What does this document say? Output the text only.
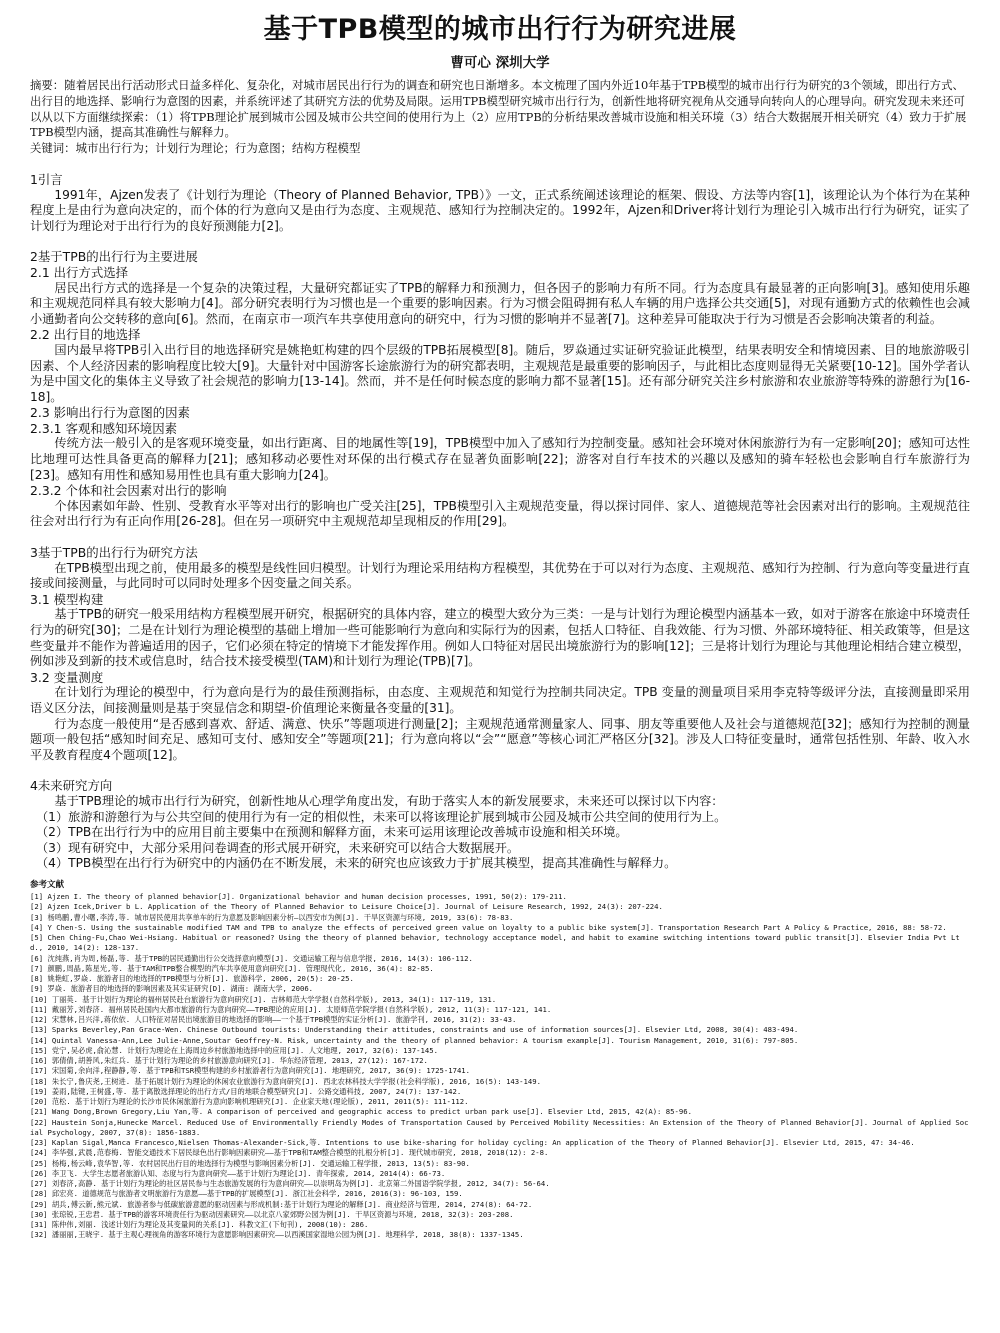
基于TPB模型的城市出行行为研究进展
曹可心 深圳大学

摘要：随着居民出行活动形式日益多样化、复杂化，对城市居民出行行为的调查和研究也日渐增多。本文梳理了国内外近10年基于TPB模型的城市出行行为研究的3个领域，即出行方式、出行目的地选择、影响行为意图的因素，并系统评述了其研究方法的优势及局限。运用TPB模型研究城市出行行为，创新性地将研究视角从交通导向转向人的心理导向。研究发现未来还可以从以下方面继续探索：（1）将TPB理论扩展到城市公园及城市公共空间的使用行为上（2）应用TPB的分析结果改善城市设施和相关环境（3）结合大数据展开相关研究（4）致力于扩展TPB模型内涵，提高其准确性与解释力。

关键词：城市出行行为；计划行为理论；行为意图；结构方程模型

1引言

1991年，Ajzen发表了《计划行为理论（Theory of Planned Behavior, TPB）》一文，正式系统阐述该理论的框架、假设、方法等内容[1]，该理论认为个体行为在某种程度上是由行为意向决定的，而个体的行为意向又是由行为态度、主观规范、感知行为控制决定的。1992年，Ajzen和Driver将计划行为理论引入城市出行行为研究，证实了计划行为理论对于出行行为的良好预测能力[2]。

2基于TPB的出行行为主要进展
2.1 出行方式选择

居民出行方式的选择是一个复杂的决策过程，大量研究都证实了TPB的解释力和预测力，但各因子的影响力有所不同。行为态度具有最显著的正向影响[3]。感知使用乐趣和主观规范同样具有较大影响力[4]。部分研究表明行为习惯也是一个重要的影响因素。行为习惯会阻碍拥有私人车辆的用户选择公共交通[5]，对现有通勤方式的依赖性也会减小通勤者向公交转移的意向[6]。然而，在南京市一项汽车共享使用意向的研究中，行为习惯的影响并不显著[7]。这种差异可能取决于行为习惯是否会影响决策者的利益。

2.2 出行目的地选择

国内最早将TPB引入出行目的地选择研究是姚艳虹构建的四个层级的TPB拓展模型[8]。随后，罗焱通过实证研究验证此模型，结果表明安全和情境因素、目的地旅游吸引因素、个人经济因素的影响程度比较大[9]。大量针对中国游客长途旅游行为的研究都表明，主观规范是最重要的影响因子，与此相比态度则显得无关紧要[10-12]。国外学者认为是中国文化的集体主义导致了社会规范的影响力[13-14]。然而，并不是任何时候态度的影响力都不显著[15]。还有部分研究关注乡村旅游和农业旅游等特殊的游憩行为[16-18]。

2.3 影响出行行为意图的因素
2.3.1 客观和感知环境因素

传统方法一般引入的是客观环境变量，如出行距离、目的地属性等[19]，TPB模型中加入了感知行为控制变量。感知社会环境对休闲旅游行为有一定影响[20]；感知可达性比地理可达性具备更高的解释力[21]；感知移动必要性对环保的出行模式存在显著负面影响[22]；游客对自行车技术的兴趣以及感知的骑车轻松也会影响自行车旅游行为[23]。感知有用性和感知易用性也具有重大影响力[24]。

2.3.2 个体和社会因素对出行的影响

个体因素如年龄、性别、受教育水平等对出行的影响也广受关注[25]，TPB模型引入主观规范变量，得以探讨同伴、家人、道德规范等社会因素对出行的影响。主观规范往往会对出行行为有正向作用[26-28]。但在另一项研究中主观规范却呈现相反的作用[29]。

3基于TPB的出行行为研究方法

在TPB模型出现之前，使用最多的模型是线性回归模型。计划行为理论采用结构方程模型，其优势在于可以对行为态度、主观规范、感知行为控制、行为意向等变量进行直接或间接测量，与此同时可以同时处理多个因变量之间关系。

3.1 模型构建

基于TPB的研究一般采用结构方程模型展开研究，根据研究的具体内容，建立的模型大致分为三类：一是与计划行为理论模型内涵基本一致，如对于游客在旅途中环境责任行为的研究[30]；二是在计划行为理论模型的基础上增加一些可能影响行为意向和实际行为的因素，包括人口特征、自我效能、行为习惯、外部环境特征、相关政策等，但是这些变量并不能作为普遍适用的因子，它们必须在特定的情境下才能发挥作用。例如人口特征对居民出境旅游行为的影响[12]；三是将计划行为理论与其他理论相结合建立模型，例如涉及到新的技术或信息时，结合技术接受模型(TAM)和计划行为理论(TPB)[7]。

3.2 变量测度

在计划行为理论的模型中，行为意向是行为的最佳预测指标，由态度、主观规范和知觉行为控制共同决定。TPB 变量的测量项目采用李克特等级评分法，直接测量即采用语义区分法，间接测量则是基于突显信念和期望-价值理论来衡量各变量的[31]。

行为态度一般使用“是否感到喜欢、舒适、满意、快乐”等题项进行测量[2]；主观规范通常测量家人、同事、朋友等重要他人及社会与道德规范[32]；感知行为控制的测量题项一般包括“感知时间充足、感知可支付、感知安全”等题项[21]；行为意向将以“会”“愿意”等核心词汇严格区分[32]。涉及人口特征变量时，通常包括性别、年龄、收入水平及教育程度4个题项[12]。

4未来研究方向

基于TPB理论的城市出行行为研究，创新性地从心理学角度出发，有助于落实人本的新发展要求，未来还可以探讨以下内容：

（1）旅游和游憩行为与公共空间的使用行为有一定的相似性，未来可以将该理论扩展到城市公园及城市公共空间的使用行为上。

（2）TPB在出行行为中的应用目前主要集中在预测和解释方面，未来可运用该理论改善城市设施和相关环境。

（3）现有研究中，大部分采用问卷调查的形式展开研究，未来研究可以结合大数据展开。

（4）TPB模型在出行行为研究中的内涵仍在不断发展，未来的研究也应该致力于扩展其模型，提高其准确性与解释力。

参考文献

[1] Ajzen I. The theory of planned behavior[J]. Organizational behavior and human decision processes, 1991, 50(2): 179-211.

[2] Ajzen Icek,Driver b L. Application of the Theory of Planned Behavior to Leisure Choice[J]. Journal of Leisure Research, 1992, 24(3): 207-224.

[3] 杨鸣鹏,曹小曙,李涛,等. 城市居民使用共享单车的行为意愿及影响因素分析—以西安市为例[J]. 干旱区资源与环境, 2019, 33(6): 78-83.

[4] Y Chen-S. Using the sustainable modified TAM and TPB to analyze the effects of perceived green value on loyalty to a public bike system[J]. Transportation Research Part A Policy & Practice, 2016, 88: 58-72.

[5] Chen Ching-Fu,Chao Wei-Hsiang. Habitual or reasoned? Using the theory of planned behavior, technology acceptance model, and habit to examine switching intentions toward public transit[J]. Elsevier India Pvt Ltd., 2010, 14(2): 128-137.

[6] 沈纯燕,肖为周,杨磊,等. 基于TPB的居民通勤出行公交选择意向模型[J]. 交通运输工程与信息学报, 2016, 14(3): 106-112.

[7] 颜鹏,周晶,陈星光,等. 基于TAM和TPB整合模型的汽车共享使用意向研究[J]. 管理现代化, 2016, 36(4): 82-85.

[8] 姚艳虹,罗焱. 旅游者目的地选择的TPB模型与分析[J]. 旅游科学, 2006, 20(5): 20-25.

[9] 罗焱. 旅游者目的地选择的影响因素及其实证研究[D]. 湖南: 湖南大学, 2006.

[10] 丁丽英. 基于计划行为理论的福州居民赴台旅游行为意向研究[J]. 吉林师范大学学报(自然科学版), 2013, 34(1): 117-119, 131.

[11] 戴丽芳,刘春济. 福州居民赴国内大都市旅游的行为意向研究——TPB理论的应用[J]. 太原师范学院学报(自然科学版), 2012, 11(3): 117-121, 141.

[12] 宋慧林,吕兴洋,蒋依依. 人口特征对居民出境旅游目的地选择的影响——一个基于TPB模型的实证分析[J]. 旅游学刊, 2016, 31(2): 33-43.

[13] Sparks Beverley,Pan Grace-Wen. Chinese Outbound tourists: Understanding their attitudes, constraints and use of information sources[J]. Elsevier Ltd, 2008, 30(4): 483-494.

[14] Quintal Vanessa-Ann,Lee Julie-Anne,Soutar Geoffrey-N. Risk, uncertainty and the theory of planned behavior: A tourism example[J]. Tourism Management, 2010, 31(6): 797-805.

[15] 党宁,吴必虎,俞沁慧. 计划行为理论在上海周边乡村旅游地选择中的应用[J]. 人文地理, 2017, 32(6): 137-145.

[16] 郭倩倩,胡善风,朱红兵. 基于计划行为理论的乡村旅游意向研究[J]. 华东经济管理, 2013, 27(12): 167-172.

[17] 宋国菊,余向洋,程静静,等. 基于TPB和TSR模型构建的乡村旅游者行为意向研究[J]. 地理研究, 2017, 36(9): 1725-1741.

[18] 朱长宁,鲁庆尧,王树进. 基于拓展计划行为理论的休闲农业旅游行为意向研究[J]. 西北农林科技大学学报(社会科学版), 2016, 16(5): 143-149.

[19] 姜雨,陆键,王树盛,等. 基于离散选择理论的出行方式/目的地联合模型研究[J]. 公路交通科技, 2007, 24(7): 137-142.

[20] 范松. 基于计划行为理论的长沙市民休闲旅游行为意向影响机理研究[J]. 企业家天地(理论版), 2011, 2011(5): 111-112.

[21] Wang Dong,Brown Gregory,Liu Yan,等. A comparison of perceived and geographic access to predict urban park use[J]. Elsevier Ltd, 2015, 42(A): 85-96.

[22] Haustein Sonja,Hunecke Marcel. Reduced Use of Environmentally Friendly Modes of Transportation Caused by Perceived Mobility Necessities: An Extension of the Theory of Planned Behavior[J]. Journal of Applied Social Psychology, 2007, 37(8): 1856-1883.

[23] Kaplan Sigal,Manca Francesco,Nielsen Thomas-Alexander-Sick,等. Intentions to use bike-sharing for holiday cycling: An application of the Theory of Planned Behavior[J]. Elsevier Ltd, 2015, 47: 34-46.

[24] 李华强,武晨,范春梅. 智能交通技术下居民绿色出行影响因素研究——基于TPB和TAM整合模型的扎根分析[J]. 现代城市研究, 2018, 2018(12): 2-8.

[25] 杨梅,杨云峰,袁华智,等. 农村居民出行目的地选择行为模型与影响因素分析[J]. 交通运输工程学报, 2013, 13(5): 83-90.

[26] 李卫飞. 大学生志愿者旅游认知、态度与行为意向研究——基于计划行为理论[J]. 青年探索, 2014, 2014(4): 66-73.

[27] 刘春济,高静. 基于计划行为理论的社区居民参与生态旅游发展的行为意向研究——以崇明岛为例[J]. 北京第二外国语学院学报, 2012, 34(7): 56-64.

[28] 邱宏亮. 道德规范与旅游者文明旅游行为意愿——基于TPB的扩展模型[J]. 浙江社会科学, 2016, 2016(3): 96-103, 159.

[29] 胡兵,傅云新,熊元斌. 旅游者参与低碳旅游意愿的驱动因素与形成机制:基于计划行为理论的解释[J]. 商业经济与管理, 2014, 274(8): 64-72.

[30] 张琼锐,王忠君. 基于TPB的游客环境责任行为驱动因素研究——以北京八家郊野公园为例[J]. 干旱区资源与环境, 2018, 32(3): 203-208.

[31] 陈仲伟,刘丽. 浅述计划行为理论及其变量间的关系[J]. 科教文汇(下旬刊), 2008(10): 286.

[32] 潘丽丽,王晓宇. 基于主观心理视角的游客环境行为意愿影响因素研究——以西溪国家湿地公园为例[J]. 地理科学, 2018, 38(8): 1337-1345.
